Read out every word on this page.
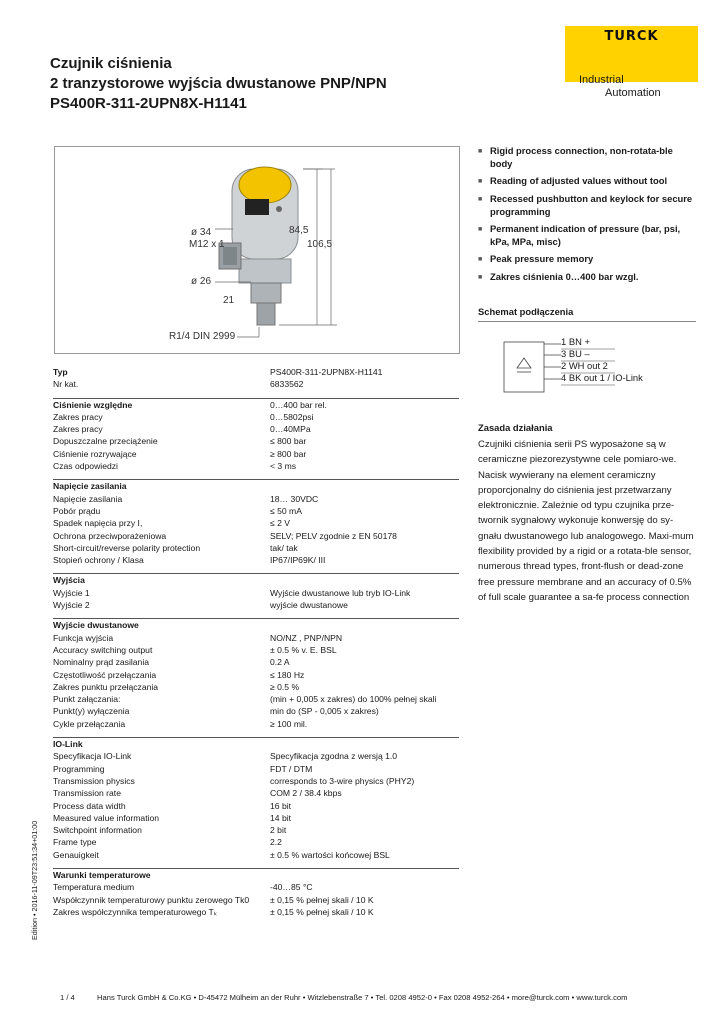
Czujnik ciśnienia
2 tranzystorowe wyjścia dwustanowe PNP/NPN
PS400R-311-2UPN8X-H1141
TURCK
Industrial
Automation
ø 34
M12 x 1
ø 26
21
84,5
106,5
R1/4 DIN 2999
Typ	PS400R-311-2UPN8X-H1141
Nr kat.	6833562
Ciśnienie względne	0…400 bar rel.
Zakres pracy	0…5802psi
Zakres pracy	0…40MPa
Dopuszczalne przeciążenie	≤ 800 bar
Ciśnienie rozrywające	≥ 800 bar
Czas odpowiedzi	< 3 ms
Napięcie zasilania
Napięcie zasilania	18… 30VDC
Pobór prądu	≤ 50 mA
Spadek napięcia przy I,	≤ 2 V
Ochrona przeciwporażeniowa	SELV; PELV zgodnie z EN 50178
Short-circuit/reverse polarity protection	tak/ tak
Stopień ochrony / Klasa	IP67/IP69K/ III
Wyjścia
Wyjście 1	Wyjście dwustanowe lub tryb IO-Link
Wyjście 2	wyjście dwustanowe
Wyjście dwustanowe
Funkcja wyjścia	NO/NZ , PNP/NPN
Accuracy switching output	± 0.5 % v. E. BSL
Nominalny prąd zasilania	0.2 A
Częstotliwość przełączania	≤ 180 Hz
Zakres punktu przełączania	≥ 0.5 %
Punkt załączania:	(min + 0,005 x zakres) do 100% pełnej skali
Punkt(y) wyłączenia	min do (SP - 0,005 x zakres)
Cykle przełączania	≥ 100 mil.
IO-Link
Specyfikacja IO-Link	Specyfikacja zgodna z wersją 1.0
Programming	FDT / DTM
Transmission physics	corresponds to 3-wire physics (PHY2)
Transmission rate	COM 2 / 38.4 kbps
Process data width	16 bit
Measured value information	14 bit
Switchpoint information	2 bit
Frame type	2.2
Genauigkeit	± 0.5 % wartości końcowej BSL
Warunki temperaturowe
Temperatura medium	-40…85 °C
Współczynnik temperaturowy punktu zerowego Tk0	± 0,15 % pełnej skali / 10 K
Zakres współczynnika temperaturowego Tₖ	± 0,15 % pełnej skali / 10 K
■ Rigid process connection, non-rotata-ble body
■ Reading of adjusted values without tool
■ Recessed pushbutton and keylock for secure programming
■ Permanent indication of pressure (bar, psi, kPa, MPa, misc)
■ Peak pressure memory
■ Zakres ciśnienia 0…400 bar wzgl.
Schemat podłączenia
1 BN +
3 BU –
2 WH out 2
4 BK out 1 / IO-Link
Zasada działania
Czujniki ciśnienia serii PS wyposażone są w ceramiczne piezorezystywne cele pomiaro-we. Nacisk wywierany na element ceramiczny proporcjonalny do ciśnienia jest przetwarzany elektronicznie. Zależnie od typu czujnika prze-twornik sygnałowy wykonuje konwersję do sy-gnału dwustanowego lub analogowego. Maxi-mum flexibility provided by a rigid or a rotata-ble sensor, numerous thread types, front-flush or dead-zone free pressure membrane and an accuracy of 0.5% of full scale guarantee a sa-fe process connection
1 / 4	Hans Turck GmbH & Co.KG • D-45472 Mülheim an der Ruhr • Witzlebenstraße 7 • Tel. 0208 4952-0 • Fax 0208 4952-264 • more@turck.com • www.turck.com
Edition • 2016-11-09T23:51:34+01:00
